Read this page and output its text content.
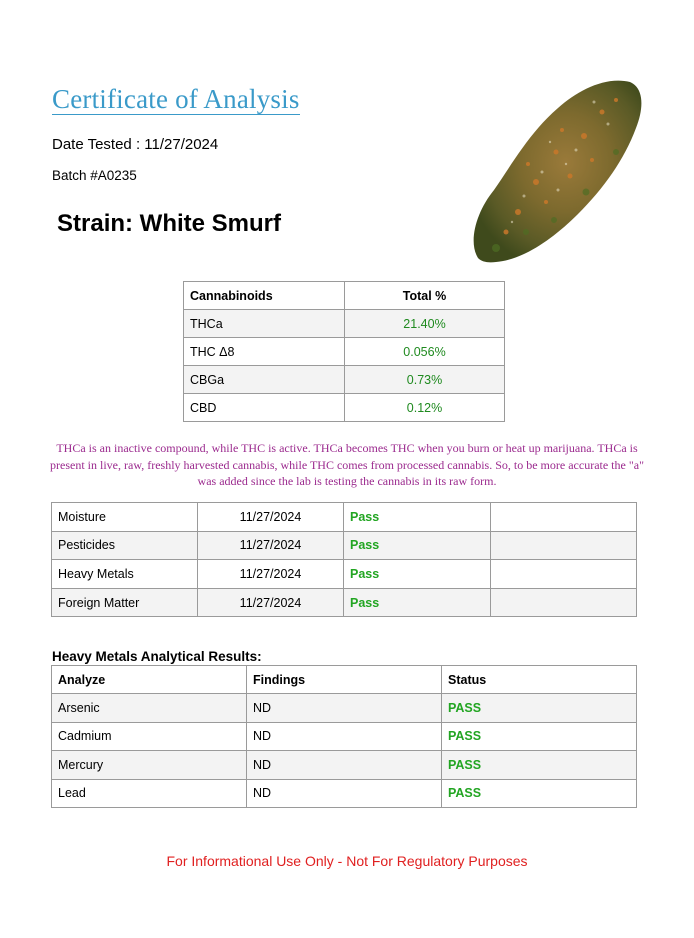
Certificate of Analysis
Date Tested : 11/27/2024
Batch #A0235
Strain: White Smurf
Cannabinoids	Total %
THCa	21.40%
THC Δ8	0.056%
CBGa	0.73%
CBD	0.12%
THCa is an inactive compound, while THC is active. THCa becomes THC when you burn or heat up marijuana. THCa is present in live, raw, freshly harvested cannabis, while THC comes from processed cannabis. So, to be more accurate the "a" was added since the lab is testing the cannabis in its raw form.
Moisture	11/27/2024	Pass	
Pesticides	11/27/2024	Pass	
Heavy Metals	11/27/2024	Pass	
Foreign Matter	11/27/2024	Pass	
Heavy Metals Analytical Results:
Analyze	Findings	Status
Arsenic	ND	PASS
Cadmium	ND	PASS
Mercury	ND	PASS
Lead	ND	PASS
For Informational Use Only - Not For Regulatory Purposes
